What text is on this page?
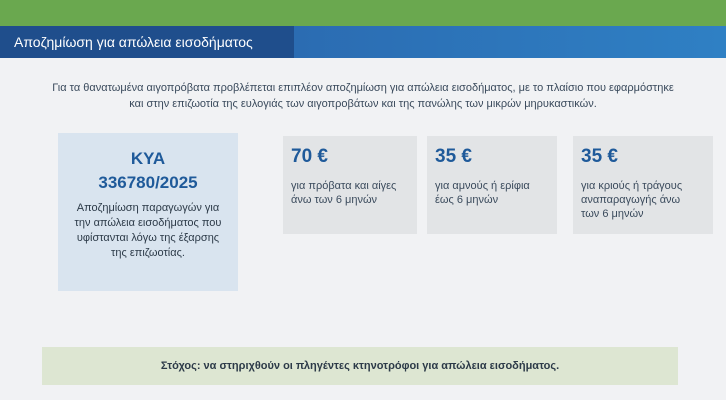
Αποζημίωση για απώλεια εισοδήματος
Για τα θανατωμένα αιγοπρόβατα προβλέπεται επιπλέον αποζημίωση για απώλεια εισοδήματος, με το πλαίσιο που εφαρμόστηκε
και στην επιζωοτία της ευλογιάς των αιγοπροβάτων και της πανώλης των μικρών μηρυκαστικών.
ΚΥΑ
336780/2025
Αποζημίωση παραγωγών για την απώλεια εισοδήματος που υφίστανται λόγω της έξαρσης της επιζωοτίας.
70 €
για πρόβατα και αίγες άνω των 6 μηνών
35 €
για αμνούς ή ερίφια έως 6 μηνών
35 €
για κριούς ή τράγους αναπαραγωγής άνω των 6 μηνών
Στόχος: να στηριχθούν οι πληγέντες κτηνοτρόφοι για απώλεια εισοδήματος.
